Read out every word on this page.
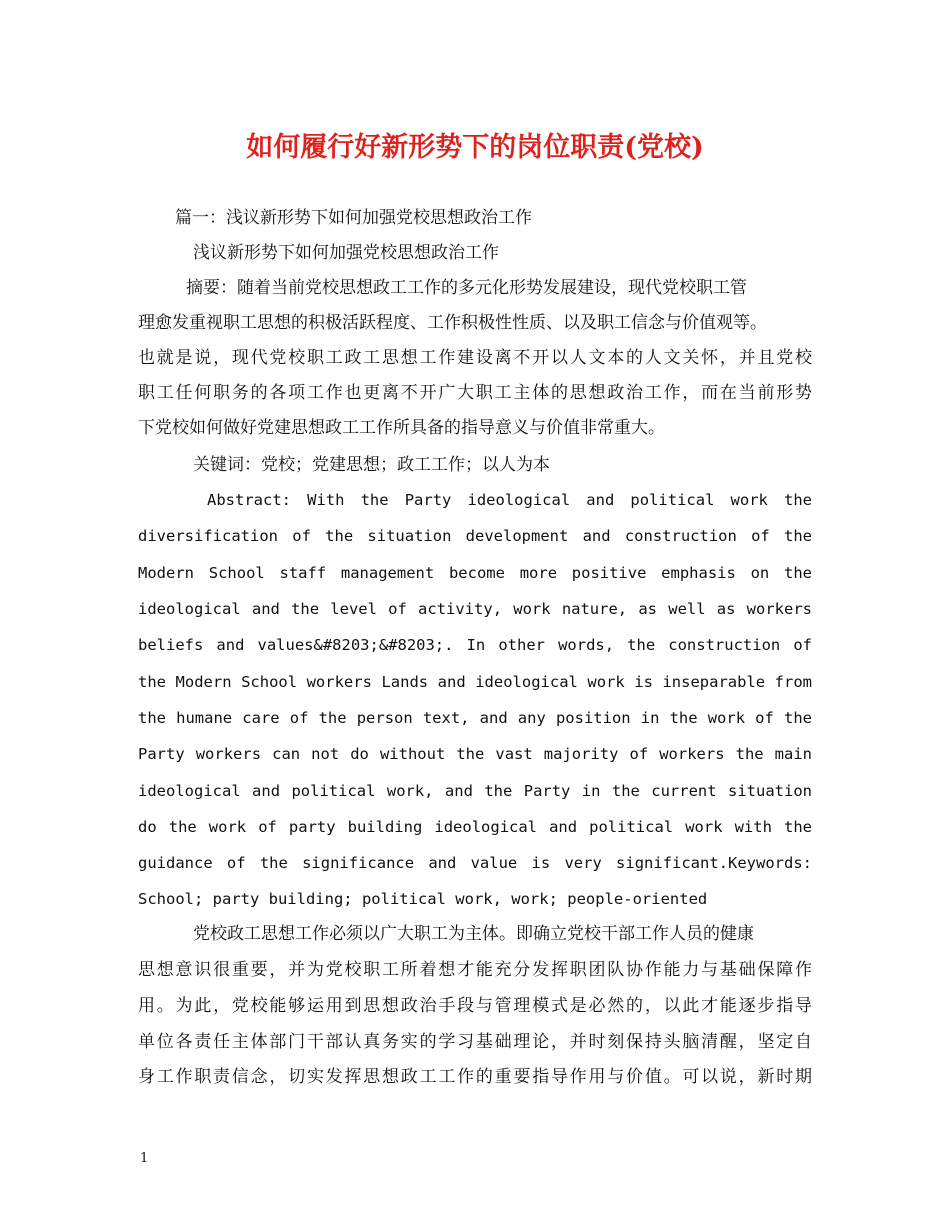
如何履行好新形势下的岗位职责(党校)
篇一：浅议新形势下如何加强党校思想政治工作
浅议新形势下如何加强党校思想政治工作
摘要：随着当前党校思想政工工作的多元化形势发展建设，现代党校职工管
理愈发重视职工思想的积极活跃程度、工作积极性性质、以及职工信念与价值观等。
也就是说，现代党校职工政工思想工作建设离不开以人文本的人文关怀，并且党校
职工任何职务的各项工作也更离不开广大职工主体的思想政治工作，而在当前形势
下党校如何做好党建思想政工工作所具备的指导意义与价值非常重大。
关键词：党校；党建思想；政工工作；以人为本
Abstract: With the Party ideological and political work the
diversification of the situation development and construction of the
Modern School staff management become more positive emphasis on the
ideological and the level of activity, work nature, as well as workers
beliefs and values&#8203;&#8203;. In other words, the construction of
the Modern School workers Lands and ideological work is inseparable from
the humane care of the person text, and any position in the work of the
Party workers can not do without the vast majority of workers the main
ideological and political work, and the Party in the current situation
do the work of party building ideological and political work with the
guidance of the significance and value is very significant.Keywords:
School; party building; political work, work; people-oriented
党校政工思想工作必须以广大职工为主体。即确立党校干部工作人员的健康
思想意识很重要，并为党校职工所着想才能充分发挥职团队协作能力与基础保障作
用。为此，党校能够运用到思想政治手段与管理模式是必然的，以此才能逐步指导
单位各责任主体部门干部认真务实的学习基础理论，并时刻保持头脑清醒，坚定自
身工作职责信念，切实发挥思想政工工作的重要指导作用与价值。可以说，新时期
1
